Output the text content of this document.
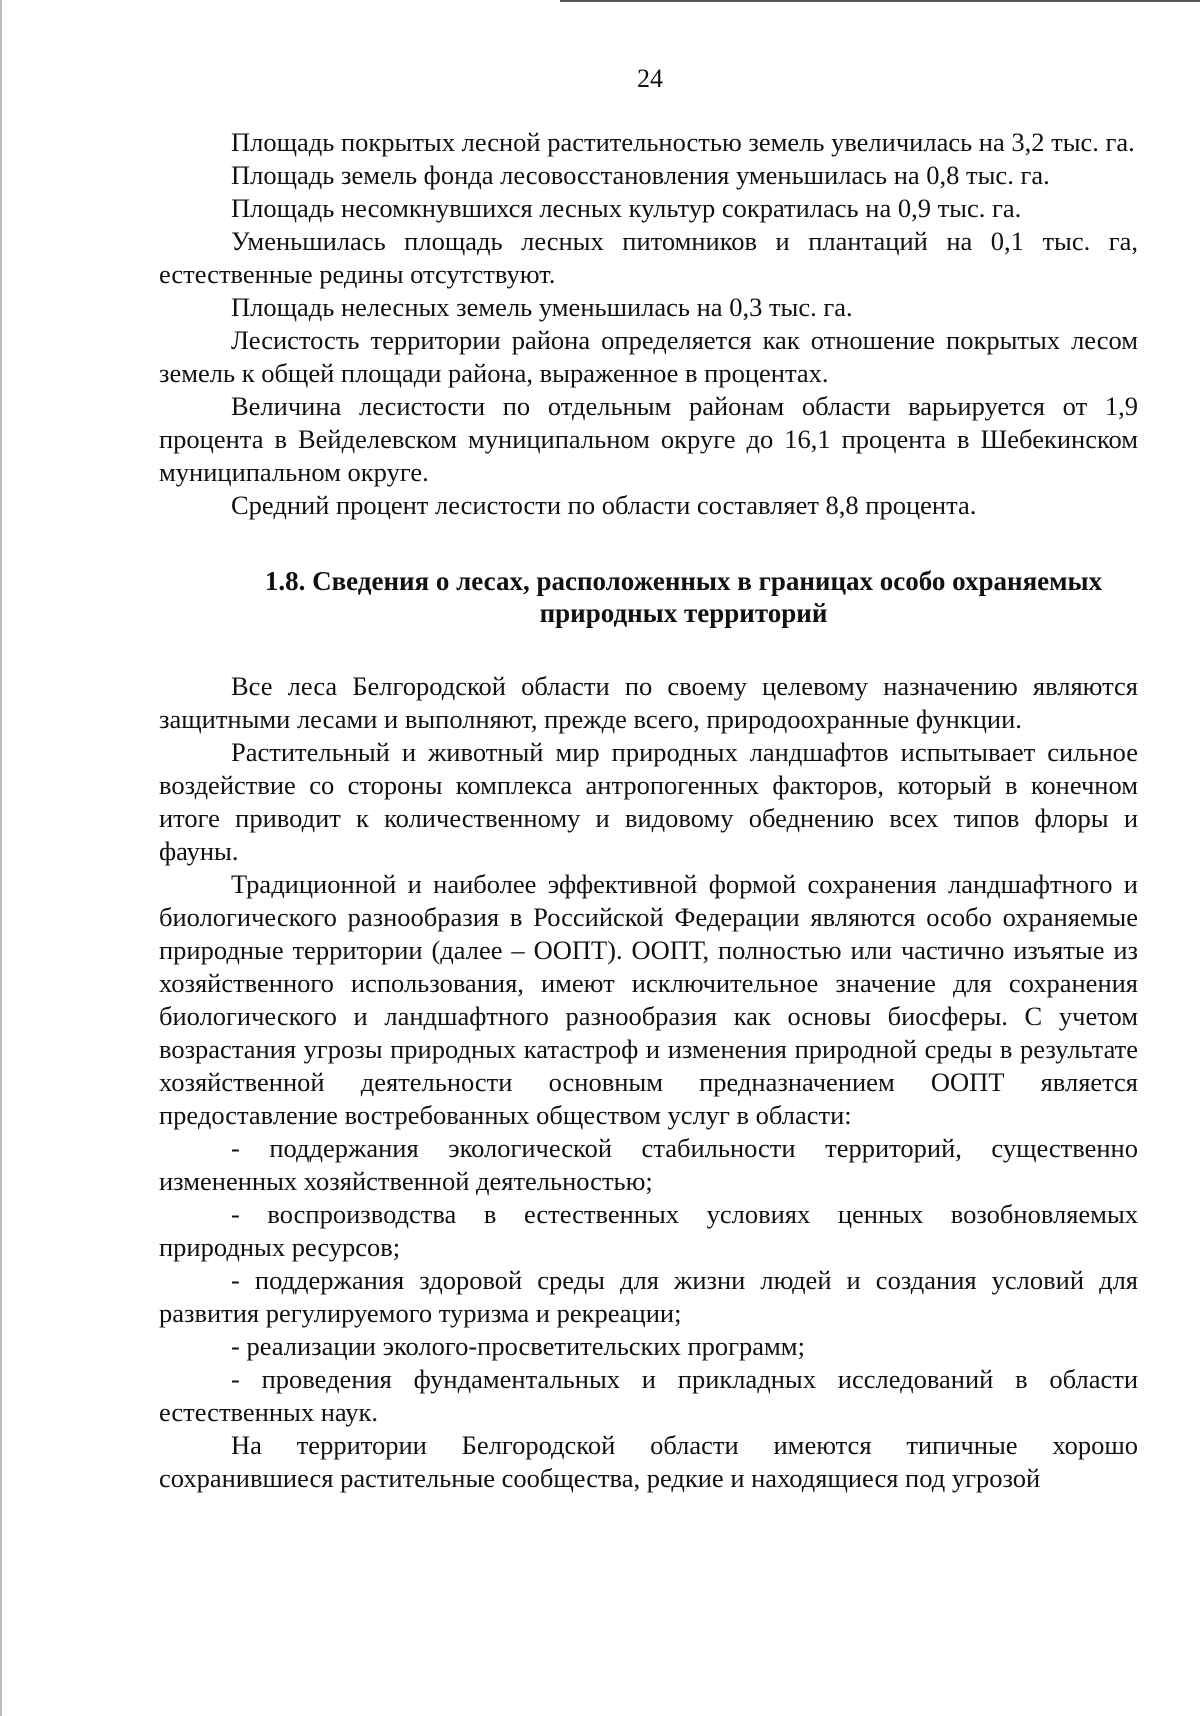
24

Площадь покрытых лесной растительностью земель увеличилась на 3,2 тыс. га.

Площадь земель фонда лесовосстановления уменьшилась на 0,8 тыс. га.

Площадь несомкнувшихся лесных культур сократилась на 0,9 тыс. га.

Уменьшилась площадь лесных питомников и плантаций на 0,1 тыс. га, естественные редины отсутствуют.

Площадь нелесных земель уменьшилась на 0,3 тыс. га.

Лесистость территории района определяется как отношение покрытых лесом земель к общей площади района, выраженное в процентах.

Величина лесистости по отдельным районам области варьируется от 1,9 процента в Вейделевском муниципальном округе до 16,1 процента в Шебекинском муниципальном округе.

Средний процент лесистости по области составляет 8,8 процента.

1.8. Сведения о лесах, расположенных в границах особо охраняемых
природных территорий

Все леса Белгородской области по своему целевому назначению являются защитными лесами и выполняют, прежде всего, природоохранные функции.

Растительный и животный мир природных ландшафтов испытывает сильное воздействие со стороны комплекса антропогенных факторов, который в конечном итоге приводит к количественному и видовому обеднению всех типов флоры и фауны.

Традиционной и наиболее эффективной формой сохранения ландшафтного и биологического разнообразия в Российской Федерации являются особо охраняемые природные территории (далее – ООПТ). ООПТ, полностью или частично изъятые из хозяйственного использования, имеют исключительное значение для сохранения биологического и ландшафтного разнообразия как основы биосферы. С учетом возрастания угрозы природных катастроф и изменения природной среды в результате хозяйственной деятельности основным предназначением ООПТ является предоставление востребованных обществом услуг в области:

- поддержания экологической стабильности территорий, существенно измененных хозяйственной деятельностью;

- воспроизводства в естественных условиях ценных возобновляемых природных ресурсов;

- поддержания здоровой среды для жизни людей и создания условий для развития регулируемого туризма и рекреации;

- реализации эколого-просветительских программ;

- проведения фундаментальных и прикладных исследований в области естественных наук.

На территории Белгородской области имеются типичные хорошо сохранившиеся растительные сообщества, редкие и находящиеся под угрозой
